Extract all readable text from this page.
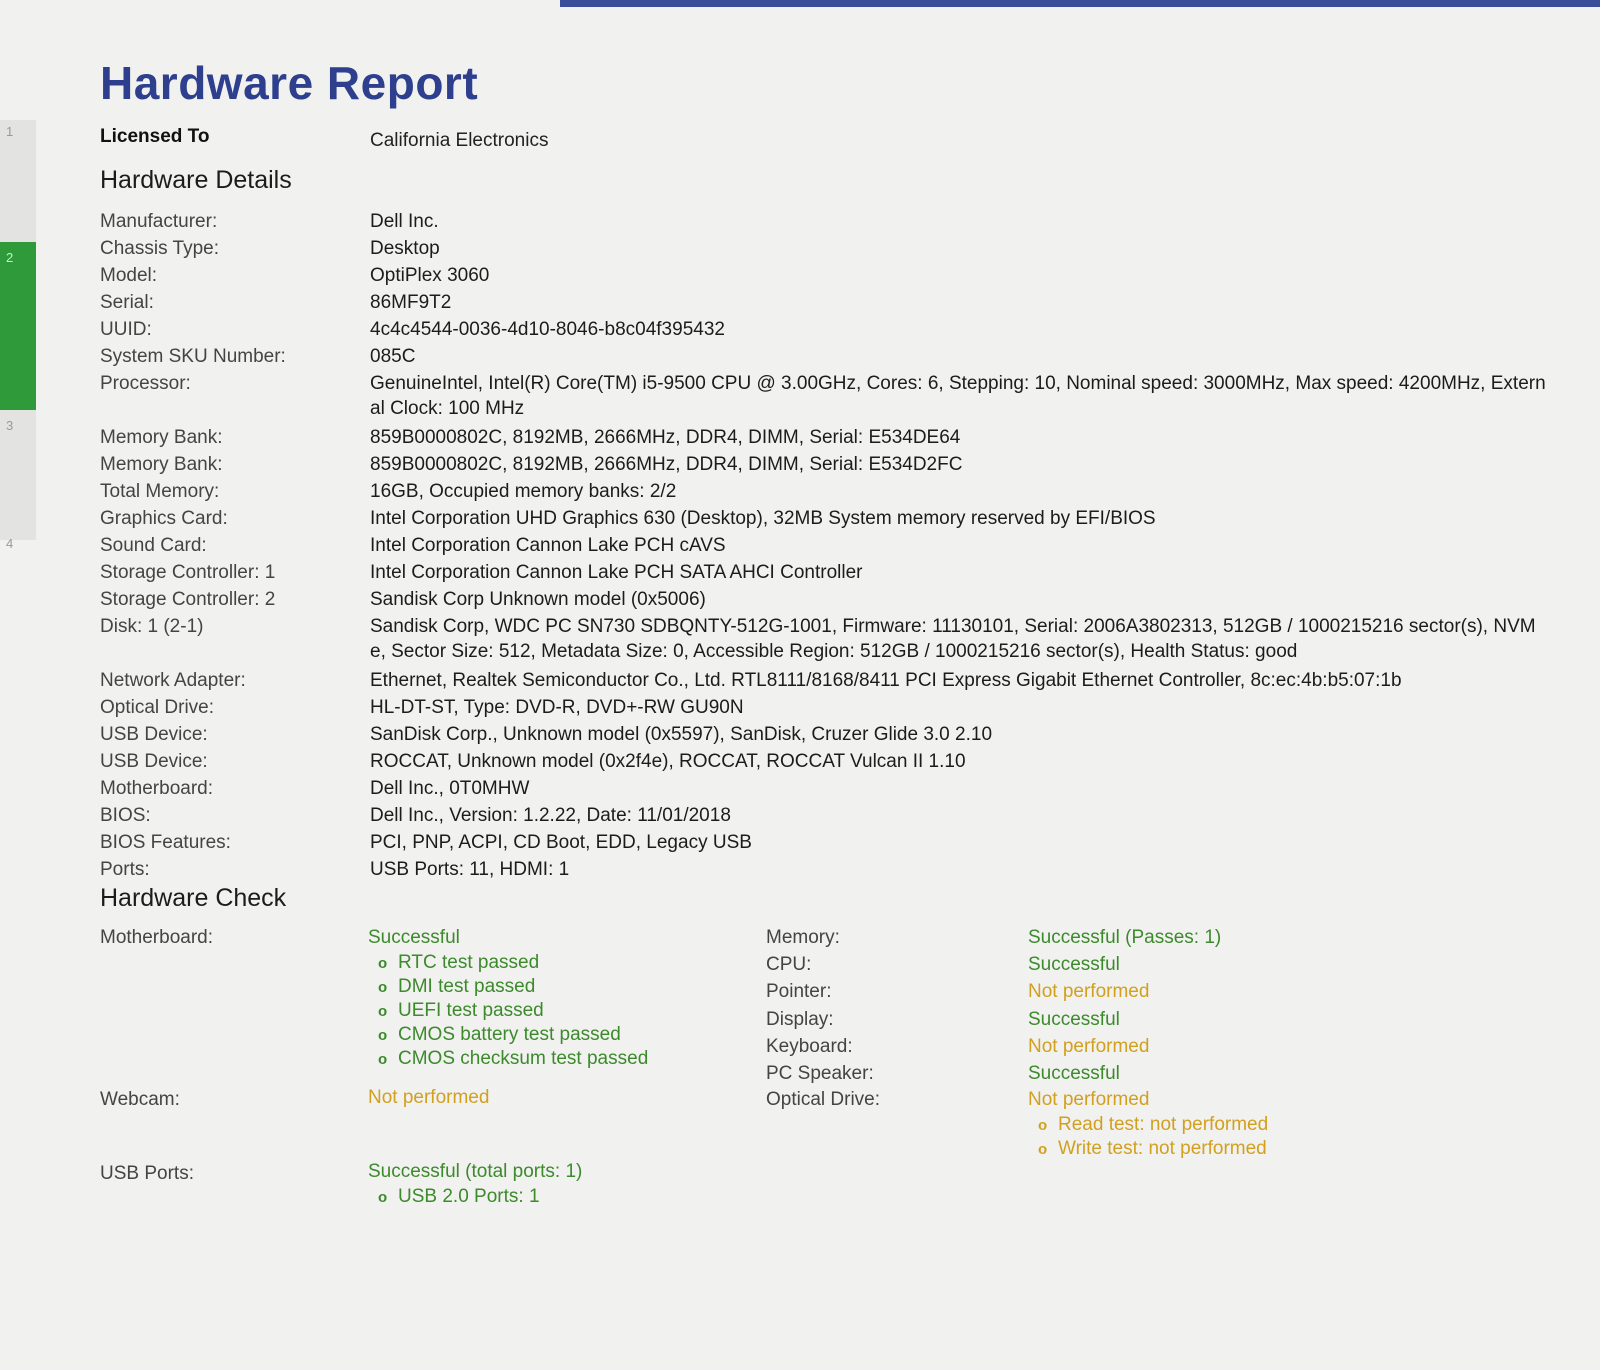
1
2
3
4
Hardware Report
Licensed To	California Electronics
Hardware Details
Manufacturer:	Dell Inc.
Chassis Type:	Desktop
Model:	OptiPlex 3060
Serial:	86MF9T2
UUID:	4c4c4544-0036-4d10-8046-b8c04f395432
System SKU Number:	085C
Processor:	GenuineIntel, Intel(R) Core(TM) i5-9500 CPU @ 3.00GHz, Cores: 6, Stepping: 10, Nominal speed: 3000MHz, Max speed: 4200MHz, External Clock: 100 MHz
Memory Bank:	859B0000802C, 8192MB, 2666MHz, DDR4, DIMM, Serial: E534DE64
Memory Bank:	859B0000802C, 8192MB, 2666MHz, DDR4, DIMM, Serial: E534D2FC
Total Memory:	16GB, Occupied memory banks: 2/2
Graphics Card:	Intel Corporation UHD Graphics 630 (Desktop), 32MB System memory reserved by EFI/BIOS
Sound Card:	Intel Corporation Cannon Lake PCH cAVS
Storage Controller: 1	Intel Corporation Cannon Lake PCH SATA AHCI Controller
Storage Controller: 2	Sandisk Corp Unknown model (0x5006)
Disk: 1 (2-1)	Sandisk Corp, WDC PC SN730 SDBQNTY-512G-1001, Firmware: 11130101, Serial: 2006A3802313, 512GB / 1000215216 sector(s), NVMe, Sector Size: 512, Metadata Size: 0, Accessible Region: 512GB / 1000215216 sector(s), Health Status: good
Network Adapter:	Ethernet, Realtek Semiconductor Co., Ltd. RTL8111/8168/8411 PCI Express Gigabit Ethernet Controller, 8c:ec:4b:b5:07:1b
Optical Drive:	HL-DT-ST, Type: DVD-R, DVD+-RW GU90N
USB Device:	SanDisk Corp., Unknown model (0x5597), SanDisk, Cruzer Glide 3.0 2.10
USB Device:	ROCCAT, Unknown model (0x2f4e), ROCCAT, ROCCAT Vulcan II 1.10
Motherboard:	Dell Inc., 0T0MHW
BIOS:	Dell Inc., Version: 1.2.22, Date: 11/01/2018
BIOS Features:	PCI, PNP, ACPI, CD Boot, EDD, Legacy USB
Ports:	USB Ports: 11, HDMI: 1
Hardware Check
Motherboard:	Successful
o RTC test passed
o DMI test passed
o UEFI test passed
o CMOS battery test passed
o CMOS checksum test passed
Webcam:	Not performed
USB Ports:	Successful (total ports: 1)
o USB 2.0 Ports: 1
Memory:	Successful (Passes: 1)
CPU:	Successful
Pointer:	Not performed
Display:	Successful
Keyboard:	Not performed
PC Speaker:	Successful
Optical Drive:	Not performed
o Read test: not performed
o Write test: not performed
